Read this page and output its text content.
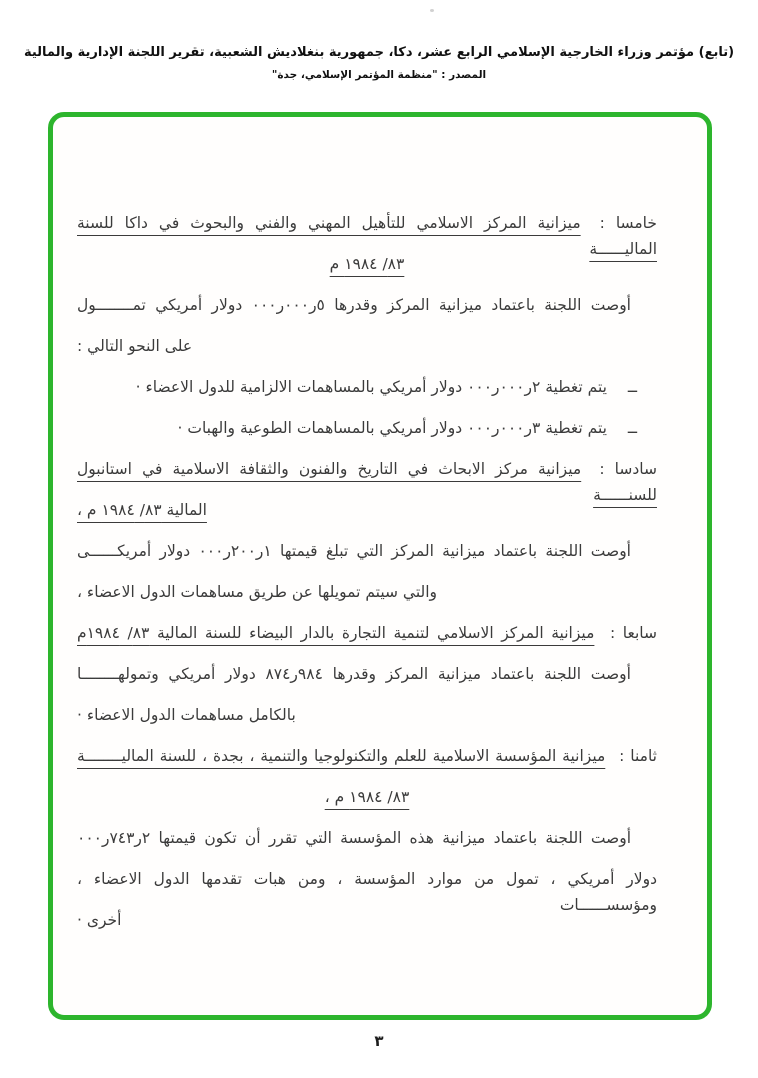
(تابع) مؤتمر وزراء الخارجية الإسلامي الرابع عشر، دكا، جمهورية بنغلاديش الشعبية، تقرير اللجنة الإدارية والمالية
المصدر : "منظمة المؤتمر الإسلامي، جدة"
خامسا : ميزانية المركز الاسلامي للتأهيل المهني والفني والبحوث في داكا للسنة الماليــــــة
٨٣/ ١٩٨٤ م
أوصت اللجنة باعتماد ميزانية المركز وقدرها ٠٠٠ر٠٠٠ر٥ دولار أمريكي تمــــــــول
على النحو التالي :
ــ يتم تغطية ٠٠٠ر٠٠٠ر٢ دولار أمريكي بالمساهمات الالزامية للدول الاعضاء ·
ــ يتم تغطية ٠٠٠ر٠٠٠ر٣ دولار أمريكي بالمساهمات الطوعية والهبات ·
سادسا : ميزانية مركز الابحاث في التاريخ والفنون والثقافة الاسلامية في استانبول للسنــــــة
المالية ٨٣/ ١٩٨٤ م ،
أوصت اللجنة باعتماد ميزانية المركز التي تبلغ قيمتها ٠٠٠ر٢٠٠ر١ دولار أمريكــــــى
والتي سيتم تمويلها عن طريق مساهمات الدول الاعضاء ،
سابعا : ميزانية المركز الاسلامي لتنمية التجارة بالدار البيضاء للسنة المالية ٨٣/ ١٩٨٤م
أوصت اللجنة باعتماد ميزانية المركز وقدرها ٨٧٤ر٩٨٤ دولار أمريكي وتمولهــــــــا
بالكامل مساهمات الدول الاعضاء ·
ثامنا : ميزانية المؤسسة الاسلامية للعلم والتكنولوجيا والتنمية ، بجدة ، للسنة الماليــــــــة
٨٣/ ١٩٨٤ م ،
أوصت اللجنة باعتماد ميزانية هذه المؤسسة التي تقرر أن تكون قيمتها ٠٠٠ر٧٤٣ر٢
دولار أمريكي ، تمول من موارد المؤسسة ، ومن هبات تقدمها الدول الاعضاء ، ومؤسســــــات
أخرى ·
٣
